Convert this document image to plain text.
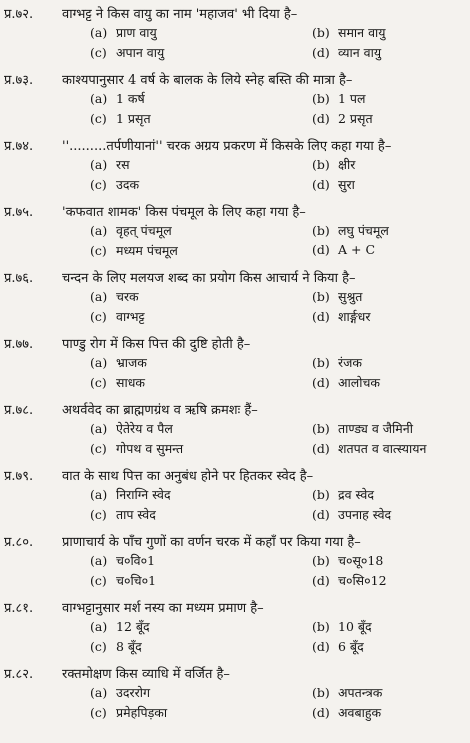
प्र.७२. वाग्भट्ट ने किस वायु का नाम 'महाजव' भी दिया है–
(a) प्राण वायु	(b) समान वायु
(c) अपान वायु	(d) व्यान वायु
प्र.७३. काश्यपानुसार 4 वर्ष के बालक के लिये स्नेह बस्ति की मात्रा है–
(a) 1 कर्ष	(b) 1 पल
(c) 1 प्रसृत	(d) 2 प्रसृत
प्र.७४. ''.........तर्पणीयानां'' चरक अग्रय प्रकरण में किसके लिए कहा गया है–
(a) रस	(b) क्षीर
(c) उदक	(d) सुरा
प्र.७५. 'कफवात शामक' किस पंचमूल के लिए कहा गया है–
(a) वृहत् पंचमूल	(b) लघु पंचमूल
(c) मध्यम पंचमूल	(d) A + C
प्र.७६. चन्दन के लिए मलयज शब्द का प्रयोग किस आचार्य ने किया है–
(a) चरक	(b) सुश्रुत
(c) वाग्भट्ट	(d) शार्ङ्गधर
प्र.७७. पाण्डु रोग में किस पित्त की दुष्टि होती है–
(a) भ्राजक	(b) रंजक
(c) साधक	(d) आलोचक
प्र.७८. अथर्ववेद का ब्राह्मणग्रंथ व ऋषि क्रमशः हैं–
(a) ऐतेरेय व पैल	(b) ताण्ड्य व जैमिनी
(c) गोपथ व सुमन्त	(d) शतपत व वात्स्यायन
प्र.७९. वात के साथ पित्त का अनुबंध होने पर हितकर स्वेद है–
(a) निराग्नि स्वेद	(b) द्रव स्वेद
(c) ताप स्वेद	(d) उपनाह स्वेद
प्र.८०. प्राणाचार्य के पाँच गुणों का वर्णन चरक में कहाँ पर किया गया है–
(a) च०वि०1	(b) च०सू०18
(c) च०चि०1	(d) च०सि०12
प्र.८१. वाग्भट्टानुसार मर्श नस्य का मध्यम प्रमाण है–
(a) 12 बूँद	(b) 10 बूँद
(c) 8 बूँद	(d) 6 बूँद
प्र.८२. रक्तमोक्षण किस व्याधि में वर्जित है–
(a) उदररोग	(b) अपतन्त्रक
(c) प्रमेहपिड़का	(d) अवबाहुक
